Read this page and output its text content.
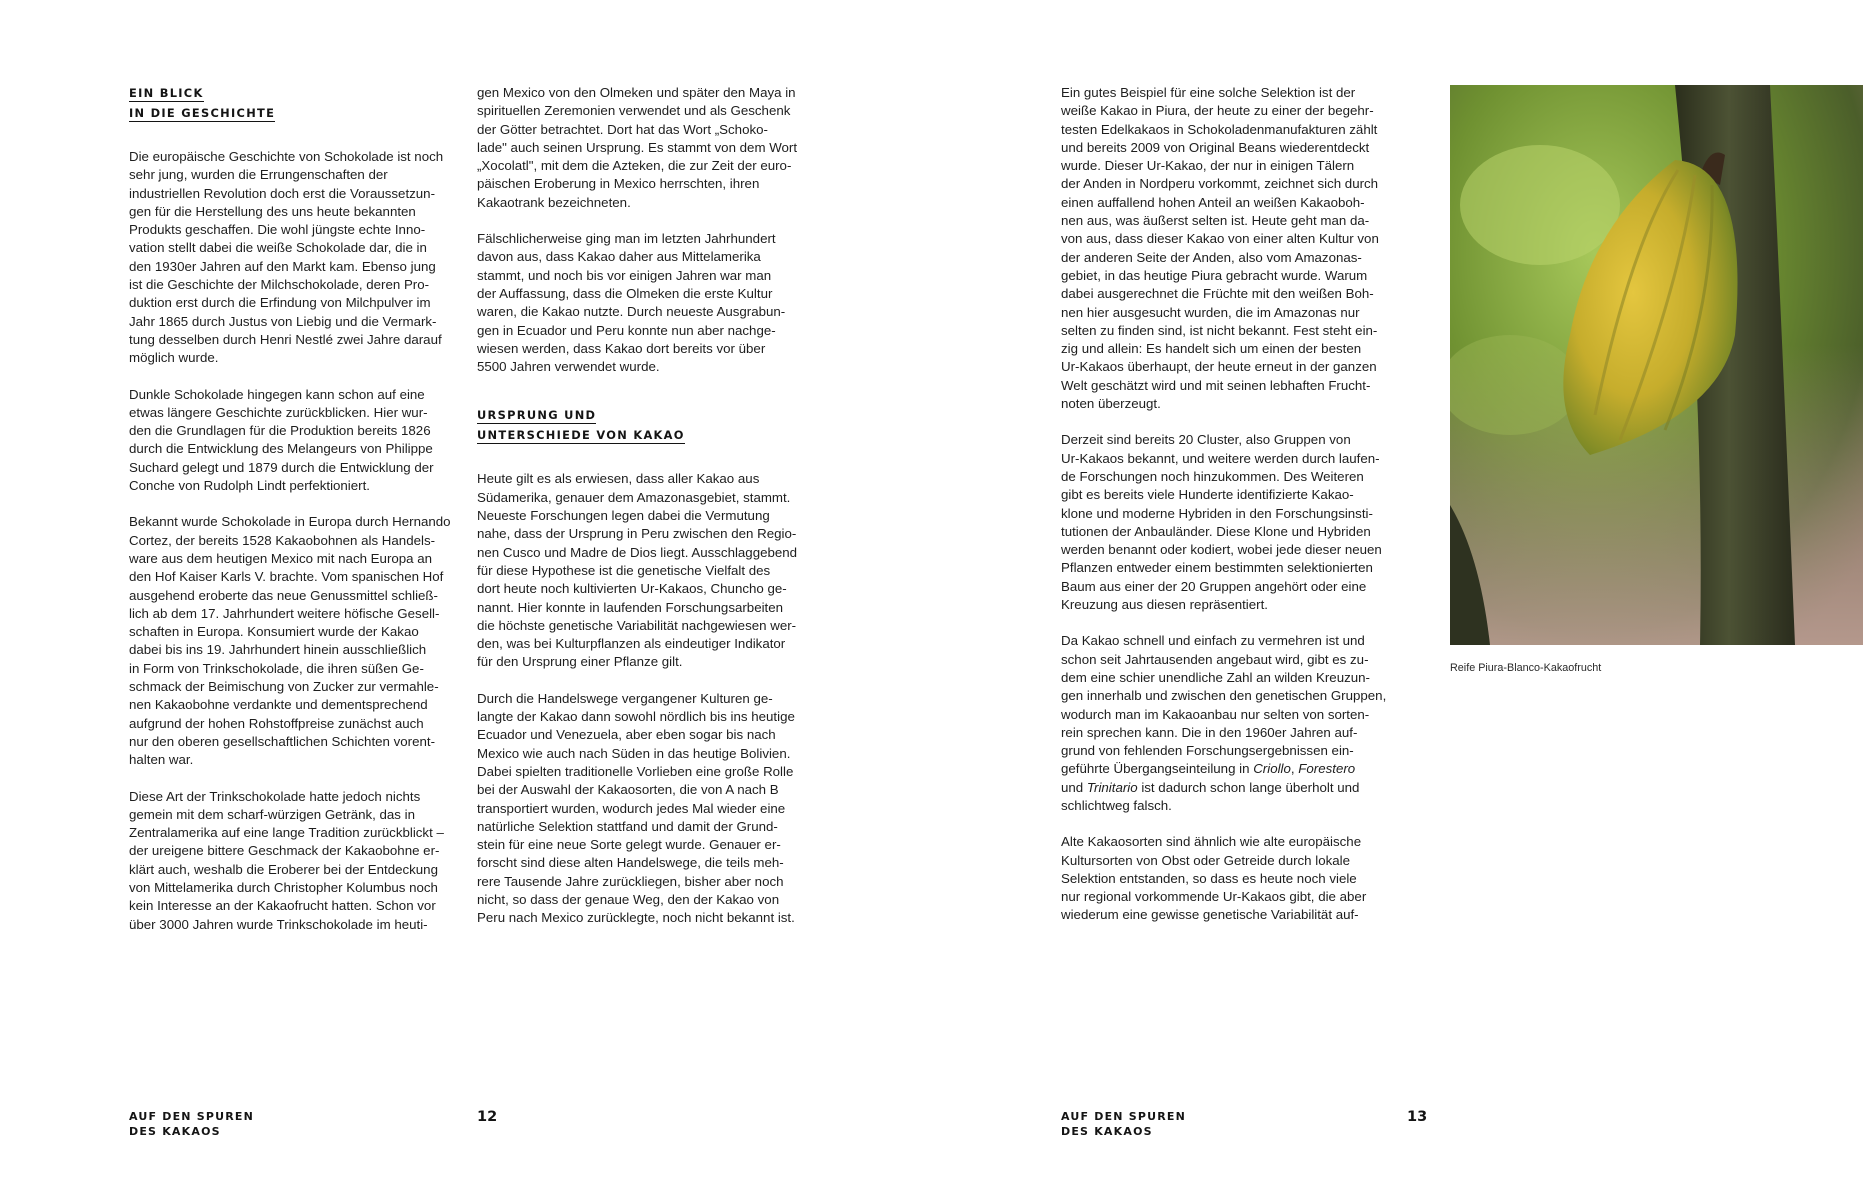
EIN BLICK
IN DIE GESCHICHTE

Die europäische Geschichte von Schokolade ist noch
sehr jung, wurden die Errungenschaften der
industriellen Revolution doch erst die Voraussetzun-
gen für die Herstellung des uns heute bekannten
Produkts geschaffen. Die wohl jüngste echte Inno-
vation stellt dabei die weiße Schokolade dar, die in
den 1930er Jahren auf den Markt kam. Ebenso jung
ist die Geschichte der Milchschokolade, deren Pro-
duktion erst durch die Erfindung von Milchpulver im
Jahr 1865 durch Justus von Liebig und die Vermark-
tung desselben durch Henri Nestlé zwei Jahre darauf
möglich wurde.

Dunkle Schokolade hingegen kann schon auf eine
etwas längere Geschichte zurückblicken. Hier wur-
den die Grundlagen für die Produktion bereits 1826
durch die Entwicklung des Melangeurs von Philippe
Suchard gelegt und 1879 durch die Entwicklung der
Conche von Rudolph Lindt perfektioniert.

Bekannt wurde Schokolade in Europa durch Hernando
Cortez, der bereits 1528 Kakaobohnen als Handels-
ware aus dem heutigen Mexico mit nach Europa an
den Hof Kaiser Karls V. brachte. Vom spanischen Hof
ausgehend eroberte das neue Genussmittel schließ-
lich ab dem 17. Jahrhundert weitere höfische Gesell-
schaften in Europa. Konsumiert wurde der Kakao
dabei bis ins 19. Jahrhundert hinein ausschließlich
in Form von Trinkschokolade, die ihren süßen Ge-
schmack der Beimischung von Zucker zur vermahle-
nen Kakaobohne verdankte und dementsprechend
aufgrund der hohen Rohstoffpreise zunächst auch
nur den oberen gesellschaftlichen Schichten vorent-
halten war.

Diese Art der Trinkschokolade hatte jedoch nichts
gemein mit dem scharf-würzigen Getränk, das in
Zentralamerika auf eine lange Tradition zurückblickt –
der ureigene bittere Geschmack der Kakaobohne er-
klärt auch, weshalb die Eroberer bei der Entdeckung
von Mittelamerika durch Christopher Kolumbus noch
kein Interesse an der Kakaofrucht hatten. Schon vor
über 3000 Jahren wurde Trinkschokolade im heuti-

gen Mexico von den Olmeken und später den Maya in
spirituellen Zeremonien verwendet und als Geschenk
der Götter betrachtet. Dort hat das Wort „Schoko-
lade" auch seinen Ursprung. Es stammt von dem Wort
„Xocolatl", mit dem die Azteken, die zur Zeit der euro-
päischen Eroberung in Mexico herrschten, ihren
Kakaotrank bezeichneten.

Fälschlicherweise ging man im letzten Jahrhundert
davon aus, dass Kakao daher aus Mittelamerika
stammt, und noch bis vor einigen Jahren war man
der Auffassung, dass die Olmeken die erste Kultur
waren, die Kakao nutzte. Durch neueste Ausgrabun-
gen in Ecuador und Peru konnte nun aber nachge-
wiesen werden, dass Kakao dort bereits vor über
5500 Jahren verwendet wurde.

URSPRUNG UND
UNTERSCHIEDE VON KAKAO

Heute gilt es als erwiesen, dass aller Kakao aus
Südamerika, genauer dem Amazonasgebiet, stammt.
Neueste Forschungen legen dabei die Vermutung
nahe, dass der Ursprung in Peru zwischen den Regio-
nen Cusco und Madre de Dios liegt. Ausschlaggebend
für diese Hypothese ist die genetische Vielfalt des
dort heute noch kultivierten Ur-Kakaos, Chuncho ge-
nannt. Hier konnte in laufenden Forschungsarbeiten
die höchste genetische Variabilität nachgewiesen wer-
den, was bei Kulturpflanzen als eindeutiger Indikator
für den Ursprung einer Pflanze gilt.

Durch die Handelswege vergangener Kulturen ge-
langte der Kakao dann sowohl nördlich bis ins heutige
Ecuador und Venezuela, aber eben sogar bis nach
Mexico wie auch nach Süden in das heutige Bolivien.
Dabei spielten traditionelle Vorlieben eine große Rolle
bei der Auswahl der Kakaosorten, die von A nach B
transportiert wurden, wodurch jedes Mal wieder eine
natürliche Selektion stattfand und damit der Grund-
stein für eine neue Sorte gelegt wurde. Genauer er-
forscht sind diese alten Handelswege, die teils meh-
rere Tausende Jahre zurückliegen, bisher aber noch
nicht, so dass der genaue Weg, den der Kakao von
Peru nach Mexico zurücklegte, noch nicht bekannt ist.

AUF DEN SPUREN
DES KAKAOS
12

Ein gutes Beispiel für eine solche Selektion ist der
weiße Kakao in Piura, der heute zu einer der begehr-
testen Edelkakaos in Schokoladenmanufakturen zählt
und bereits 2009 von Original Beans wiederentdeckt
wurde. Dieser Ur-Kakao, der nur in einigen Tälern
der Anden in Nordperu vorkommt, zeichnet sich durch
einen auffallend hohen Anteil an weißen Kakaoboh-
nen aus, was äußerst selten ist. Heute geht man da-
von aus, dass dieser Kakao von einer alten Kultur von
der anderen Seite der Anden, also vom Amazonas-
gebiet, in das heutige Piura gebracht wurde. Warum
dabei ausgerechnet die Früchte mit den weißen Boh-
nen hier ausgesucht wurden, die im Amazonas nur
selten zu finden sind, ist nicht bekannt. Fest steht ein-
zig und allein: Es handelt sich um einen der besten
Ur-Kakaos überhaupt, der heute erneut in der ganzen
Welt geschätzt wird und mit seinen lebhaften Frucht-
noten überzeugt.

Derzeit sind bereits 20 Cluster, also Gruppen von
Ur-Kakaos bekannt, und weitere werden durch laufen-
de Forschungen noch hinzukommen. Des Weiteren
gibt es bereits viele Hunderte identifizierte Kakao-
klone und moderne Hybriden in den Forschungsinsti-
tutionen der Anbauländer. Diese Klone und Hybriden
werden benannt oder kodiert, wobei jede dieser neuen
Pflanzen entweder einem bestimmten selektionierten
Baum aus einer der 20 Gruppen angehört oder eine
Kreuzung aus diesen repräsentiert.

Da Kakao schnell und einfach zu vermehren ist und
schon seit Jahrtausenden angebaut wird, gibt es zu-
dem eine schier unendliche Zahl an wilden Kreuzun-
gen innerhalb und zwischen den genetischen Gruppen,
wodurch man im Kakaoanbau nur selten von sorten-
rein sprechen kann. Die in den 1960er Jahren auf-
grund von fehlenden Forschungsergebnissen ein-
geführte Übergangseinteilung in Criollo, Forestero
und Trinitario ist dadurch schon lange überholt und
schlichtweg falsch.

Alte Kakaosorten sind ähnlich wie alte europäische
Kultursorten von Obst oder Getreide durch lokale
Selektion entstanden, so dass es heute noch viele
nur regional vorkommende Ur-Kakaos gibt, die aber
wiederum eine gewisse genetische Variabilität auf-

Reife Piura-Blanco-Kakaofrucht
AUF DEN SPUREN
DES KAKAOS
13
